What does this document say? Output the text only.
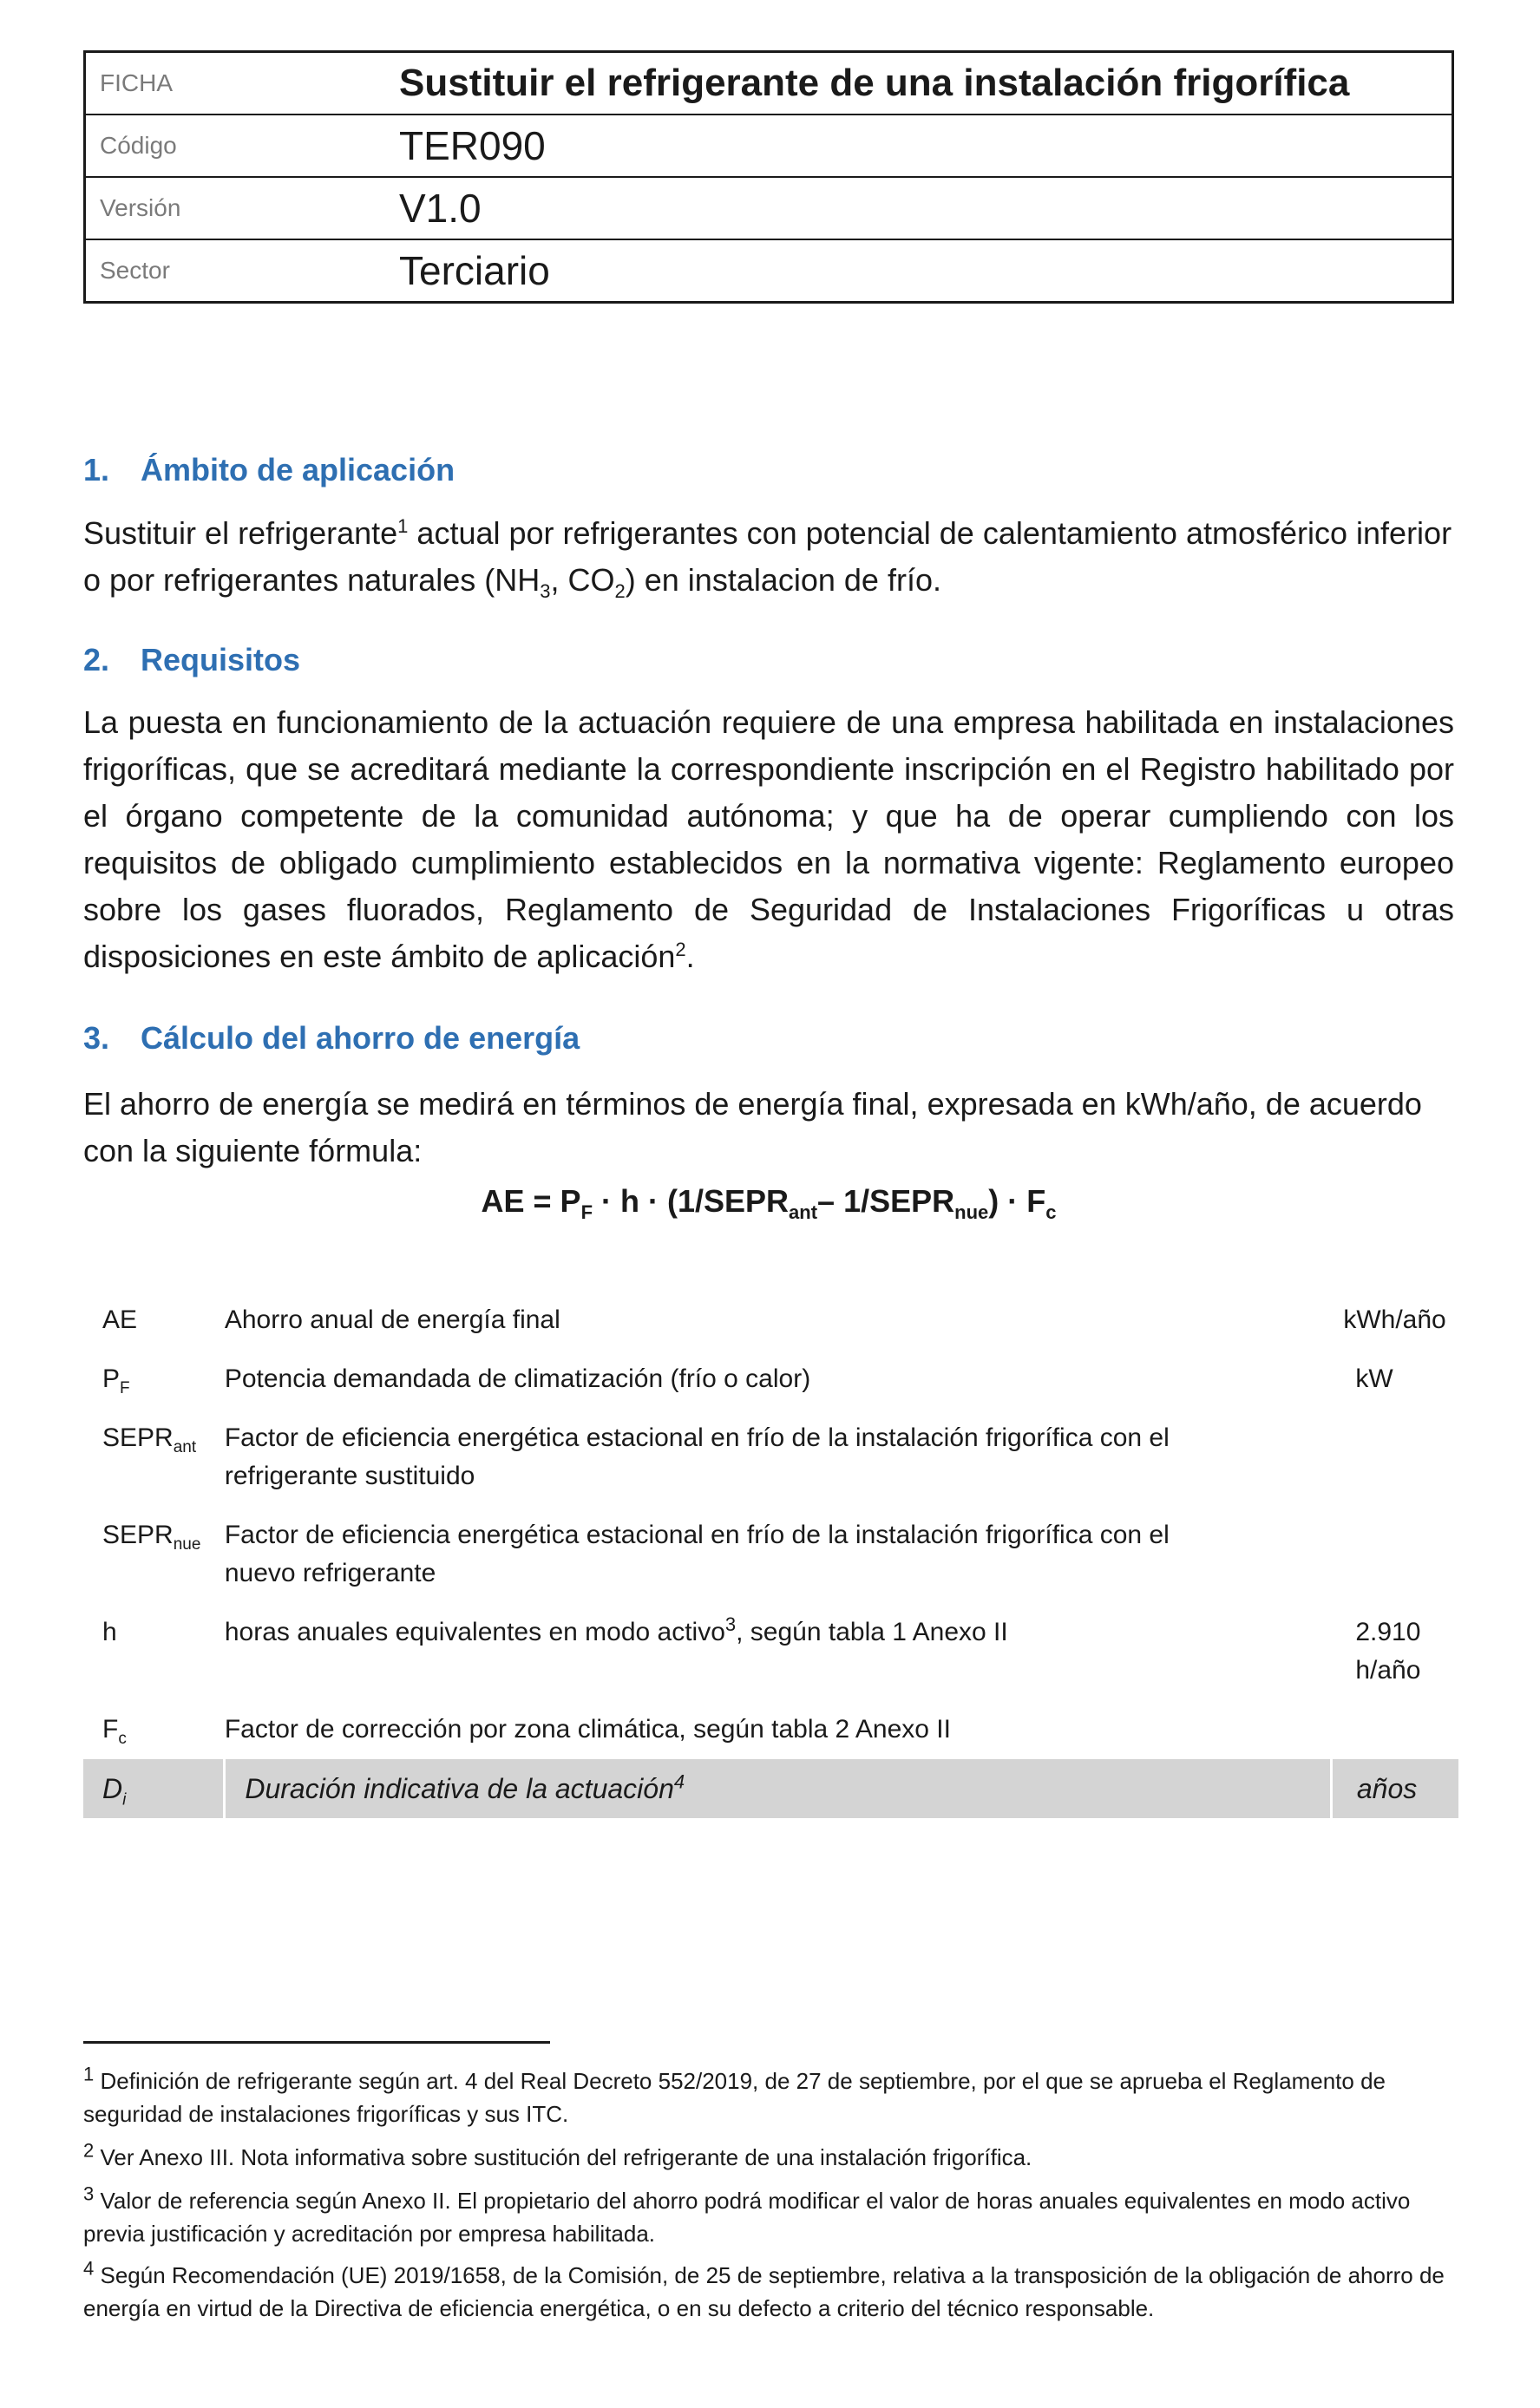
FICHA	Sustituir el refrigerante de una instalación frigorífica
Código	TER090
Versión	V1.0
Sector	Terciario
1. Ámbito de aplicación

Sustituir el refrigerante$^1$ actual por refrigerantes con potencial de calentamiento atmosférico inferior o por refrigerantes naturales ($NH_3$, $CO_2$) en instalacion de frío.

2. Requisitos

La puesta en funcionamiento de la actuación requiere de una empresa habilitada en instalaciones frigoríficas, que se acreditará mediante la correspondiente inscripción en el Registro habilitado por el órgano competente de la comunidad autónoma; y que ha de operar cumpliendo con los requisitos de obligado cumplimiento establecidos en la normativa vigente: Reglamento europeo sobre los gases fluorados, Reglamento de Seguridad de Instalaciones Frigoríficas u otras disposiciones en este ámbito de aplicación$^2$.

3. Cálculo del ahorro de energía

El ahorro de energía se medirá en términos de energía final, expresada en kWh/año, de acuerdo con la siguiente fórmula:

AE = $P_F \cdot h$ · ($1/SEPR_{ant}-$ $1/SEPR_{nue}) \cdot F_c$
AE	Ahorro anual de energía final	kWh/año
$P_F$	Potencia demandada de climatización (frío o calor)	kW
$SEPR_{ant}$	Factor de eficiencia energética estacional en frío de la instalación frigorífica con el refrigerante sustituido	
$SEPR_{nue}$	Factor de eficiencia energética estacional en frío de la instalación frigorífica con el nuevo refrigerante	
h	horas anuales equivalentes en modo activo$^3$, según tabla 1 Anexo II	2.910 h/año
$F_c$	Factor de corrección por zona climática, según tabla 2 Anexo II	
$D_i$	Duración indicativa de la actuación$^4$	años

$^1$ Definición de refrigerante según art. 4 del Real Decreto 552/2019, de 27 de septiembre, por el que se aprueba el Reglamento de seguridad de instalaciones frigoríficas y sus ITC.

$^2$ Ver Anexo III. Nota informativa sobre sustitución del refrigerante de una instalación frigorífica.

$^3$ Valor de referencia según Anexo II. El propietario del ahorro podrá modificar el valor de horas anuales equivalentes en modo activo previa justificación y acreditación por empresa habilitada.

$^4$ Según Recomendación (UE) 2019/1658, de la Comisión, de 25 de septiembre, relativa a la transposición de la obligación de ahorro de energía en virtud de la Directiva de eficiencia energética, o en su defecto a criterio del técnico responsable.
